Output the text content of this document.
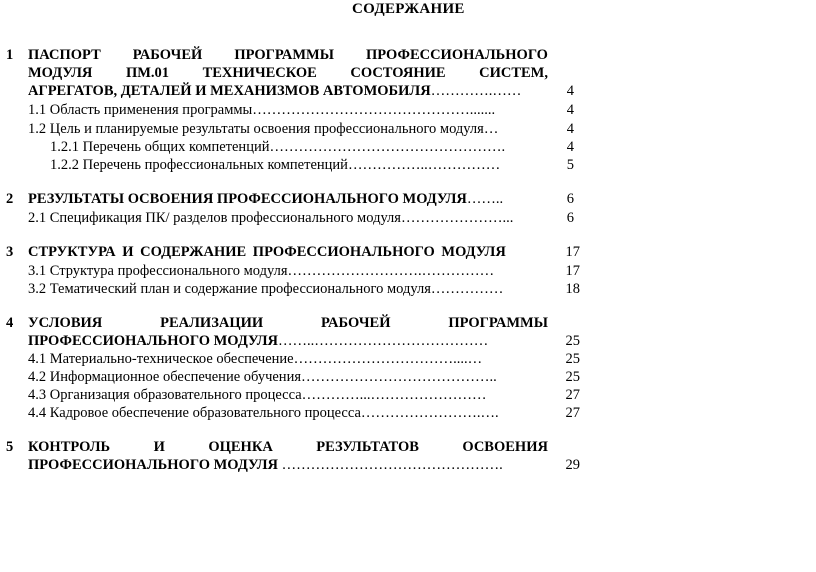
СОДЕРЖАНИЕ
1 ПАСПОРТ РАБОЧЕЙ ПРОГРАММЫ ПРОФЕССИОНАЛЬНОГО
МОДУЛЯ ПМ.01 ТЕХНИЧЕСКОЕ СОСТОЯНИЕ СИСТЕМ,
АГРЕГАТОВ, ДЕТАЛЕЙ И МЕХАНИЗМОВ АВТОМОБИЛЯ………….……	4
1.1 Область применения программы……………………………………….......	4
1.2 Цель и планируемые результаты освоения профессионального модуля…	4
1.2.1 Перечень общих компетенций………………………………………….	4
1.2.2 Перечень профессиональных компетенций……………..……………	5
2 РЕЗУЛЬТАТЫ ОСВОЕНИЯ ПРОФЕССИОНАЛЬНОГО МОДУЛЯ……..	6
2.1 Спецификация ПК/ разделов профессионального модуля…………………...	6
3 СТРУКТУРА И СОДЕРЖАНИЕ ПРОФЕССИОНАЛЬНОГО МОДУЛЯ	17
3.1 Структура профессионального модуля……………………….……………	17
3.2 Тематический план и содержание профессионального модуля……………	18
4 УСЛОВИЯ	РЕАЛИЗАЦИИ	РАБОЧЕЙ	ПРОГРАММЫ
ПРОФЕССИОНАЛЬНОГО МОДУЛЯ……..………………………………	25
4.1 Материально-техническое обеспечение……………………………....…	25
4.2 Информационное обеспечение обучения…………………………………..	25
4.3 Организация образовательного процесса…………...……………………	27
4.4 Кадровое обеспечение образовательного процесса…………………….….	27
5 КОНТРОЛЬ	И	ОЦЕНКА	РЕЗУЛЬТАТОВ	ОСВОЕНИЯ
ПРОФЕССИОНАЛЬНОГО МОДУЛЯ ……………………………………….	29
